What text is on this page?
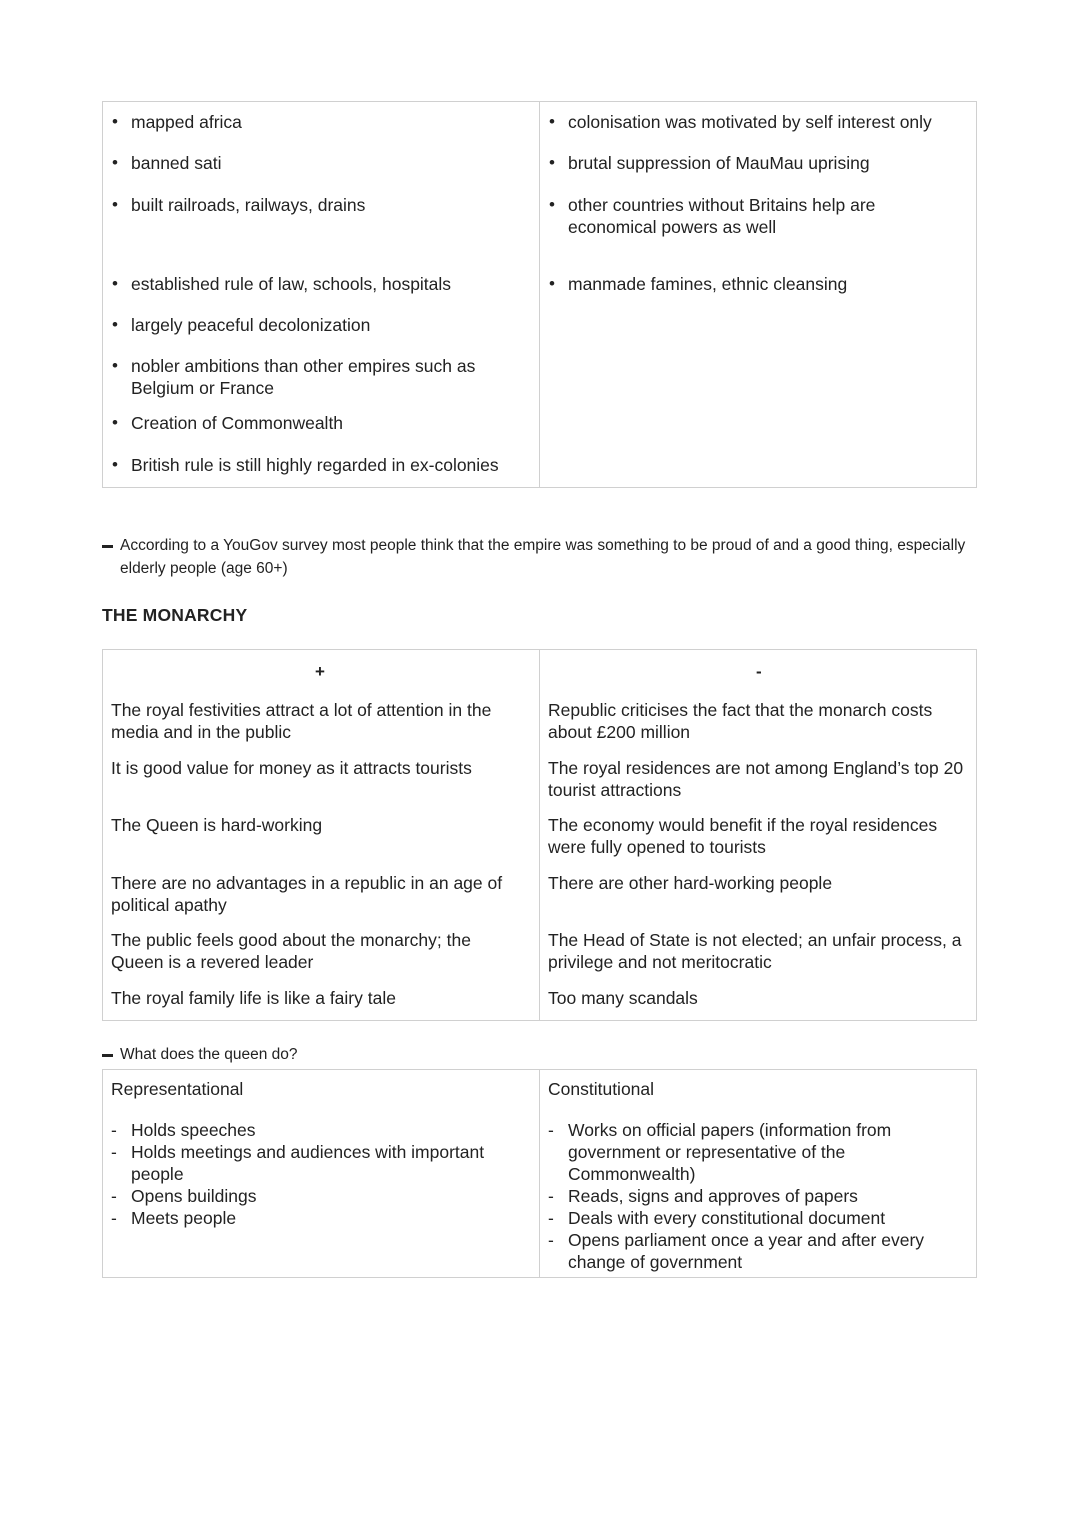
• mapped africa
• banned sati
• built railroads, railways, drains
• established rule of law, schools, hospitals
• largely peaceful decolonization
• nobler ambitions than other empires such as Belgium or France
• Creation of Commonwealth
• British rule is still highly regarded in ex-colonies
• colonisation was motivated by self interest only
• brutal suppression of MauMau uprising
• other countries without Britains help are economical powers as well
• manmade famines, ethnic cleansing
According to a YouGov survey most people think that the empire was something to be proud of and a good thing, especially elderly people (age 60+)
THE MONARCHY
+
The royal festivities attract a lot of attention in the media and in the public
It is good value for money as it attracts tourists
The Queen is hard-working
There are no advantages in a republic in an age of political apathy
The public feels good about the monarchy; the Queen is a revered leader
The royal family life is like a fairy tale
-
Republic criticises the fact that the monarch costs about £200 million
The royal residences are not among England’s top 20 tourist attractions
The economy would benefit if the royal residences were fully opened to tourists
There are other hard-working people
The Head of State is not elected; an unfair process, a privilege and not meritocratic
Too many scandals
What does the queen do?
Representational
- Holds speeches
- Holds meetings and audiences with important people
- Opens buildings
- Meets people
Constitutional
- Works on official papers (information from government or representative of the Commonwealth)
- Reads, signs and approves of papers
- Deals with every constitutional document
- Opens parliament once a year and after every change of government
